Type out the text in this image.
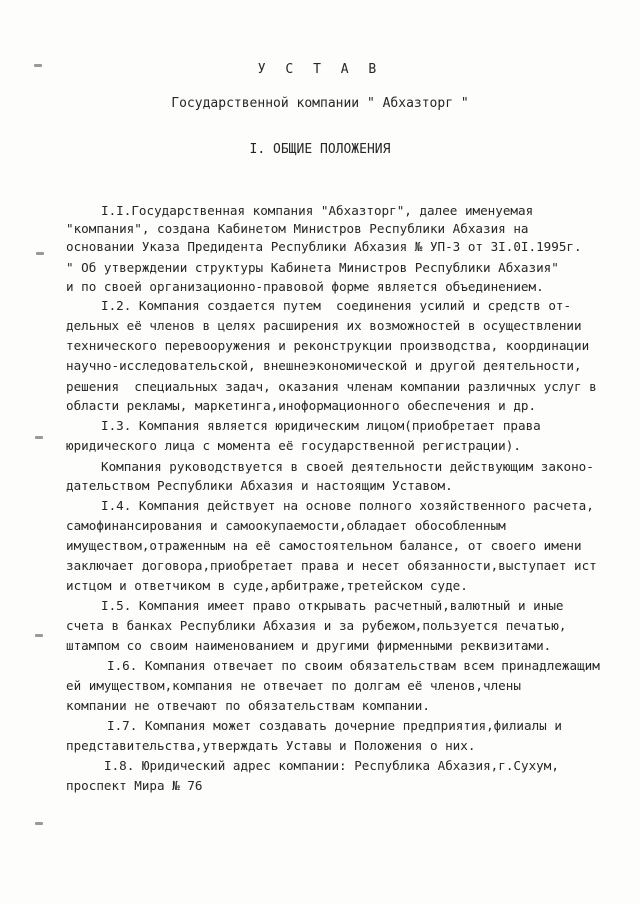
У С Т А В
Государственной компании " Абхазторг "
I. ОБЩИЕ ПОЛОЖЕНИЯ
I.I.Государственная компания "Абхазторг", далее именуемая
"компания", создана Кабинетом Министров Республики Абхазия на
основании Указа Предидента Республики Абхазия № УП-3 от 3I.0I.1995г.
" Об утверждении структуры Кабинета Министров Республики Абхазия"
и по своей организационно-правовой форме является объединением.
I.2. Компания создается путем  соединения усилий и средств от-
дельных её членов в целях расширения их возможностей в осуществлении
технического перевооружения и реконструкции производства, координации
научно-исследовательской, внешнеэкономической и другой деятельности,
решения  специальных задач, оказания членам компании различных услуг в
области рекламы, маркетинга,иноформационного обеспечения и др.
I.3. Компания является юридическим лицом(приобретает права
юридического лица с момента её государственной регистрации).
Компания руководствуется в своей деятельности действующим законо-
дательством Республики Абхазия и настоящим Уставом.
I.4. Компания действует на основе полного хозяйственного расчета,
самофинансирования и самоокупаемости,обладает обособленным
имуществом,отраженным на её самостоятельном балансе, от своего имени
заключает договора,приобретает права и несет обязанности,выступает ист
истцом и ответчиком в суде,арбитраже,третейском суде.
I.5. Компания имеет право открывать расчетный,валютный и иные
счета в банках Республики Абхазия и за рубежом,пользуется печатью,
штампом со своим наименованием и другими фирменными реквизитами.
I.6. Компания отвечает по своим обязательствам всем принадлежащим
ей имуществом,компания не отвечает по долгам её членов,члены
компании не отвечают по обязательствам компании.
I.7. Компания может создавать дочерние предприятия,филиалы и
представительства,утверждать Уставы и Положения о них.
I.8. Юридический адрес компании: Республика Абхазия,г.Сухум,
проспект Мира № 76
